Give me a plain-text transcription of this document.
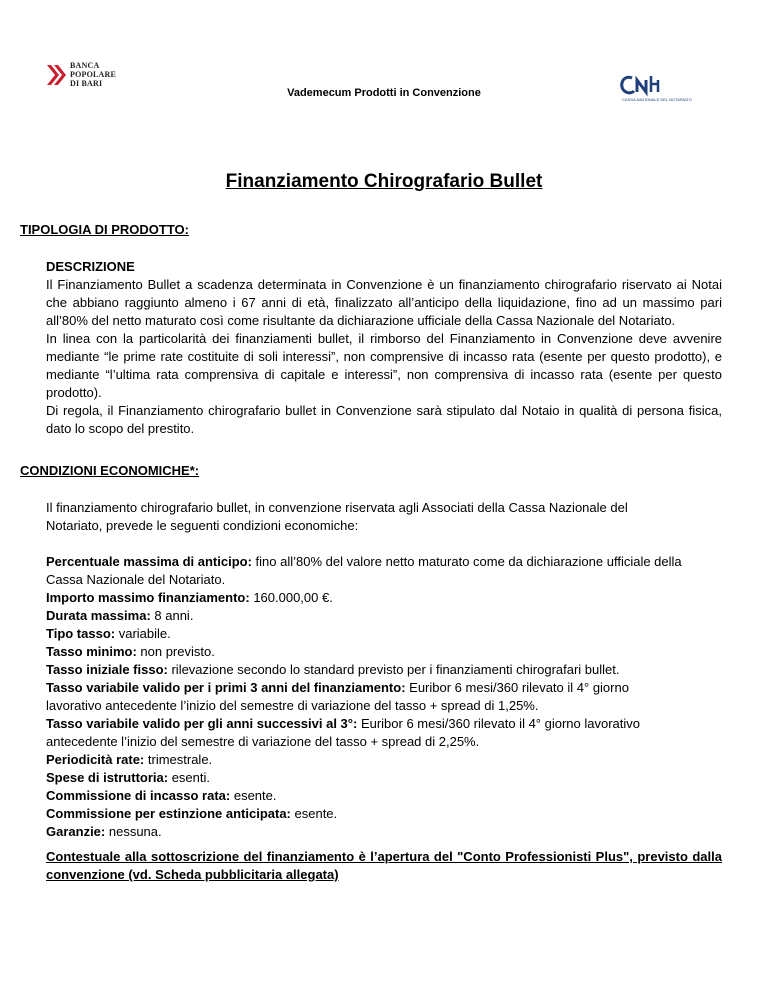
BANCA
POPOLARE
DI BARI
CASSA NAZIONALE DEL NOTARIATO
Vademecum Prodotti in Convenzione
Finanziamento Chirografario Bullet
TIPOLOGIA DI PRODOTTO:
DESCRIZIONE
Il Finanziamento Bullet a scadenza determinata in Convenzione è un finanziamento chirografario riservato ai Notai che abbiano raggiunto almeno i 67 anni di età, finalizzato all’anticipo della liquidazione, fino ad un massimo pari all’80% del netto maturato così come risultante da dichiarazione ufficiale della Cassa Nazionale del Notariato.
In linea con la particolarità dei finanziamenti bullet, il rimborso del Finanziamento in Convenzione deve avvenire mediante “le prime rate costituite di soli interessi”, non comprensive di incasso rata (esente per questo prodotto), e mediante “l’ultima rata comprensiva di capitale e interessi”, non comprensiva di incasso rata (esente per questo prodotto).
Di regola, il Finanziamento chirografario bullet in Convenzione sarà stipulato dal Notaio in qualità di persona fisica, dato lo scopo del prestito.
CONDIZIONI ECONOMICHE*:
Il finanziamento chirografario bullet, in convenzione riservata agli Associati della Cassa Nazionale del Notariato, prevede le seguenti condizioni economiche:
Percentuale massima di anticipo: fino all’80% del valore netto maturato come da dichiarazione ufficiale della Cassa Nazionale del Notariato.
Importo massimo finanziamento: 160.000,00 €.
Durata massima: 8 anni.
Tipo tasso: variabile.
Tasso minimo: non previsto.
Tasso iniziale fisso: rilevazione secondo lo standard previsto per i finanziamenti chirografari bullet.
Tasso variabile valido per i primi 3 anni del finanziamento: Euribor 6 mesi/360 rilevato il 4° giorno lavorativo antecedente l’inizio del semestre di variazione del tasso + spread di 1,25%.
Tasso variabile valido per gli anni successivi al 3°: Euribor 6 mesi/360 rilevato il 4° giorno lavorativo antecedente l’inizio del semestre di variazione del tasso + spread di 2,25%.
Periodicità rate: trimestrale.
Spese di istruttoria: esenti.
Commissione di incasso rata: esente.
Commissione per estinzione anticipata: esente.
Garanzie: nessuna.
Contestuale alla sottoscrizione del finanziamento è l’apertura del "Conto Professionisti Plus", previsto dalla convenzione (vd. Scheda pubblicitaria allegata)
